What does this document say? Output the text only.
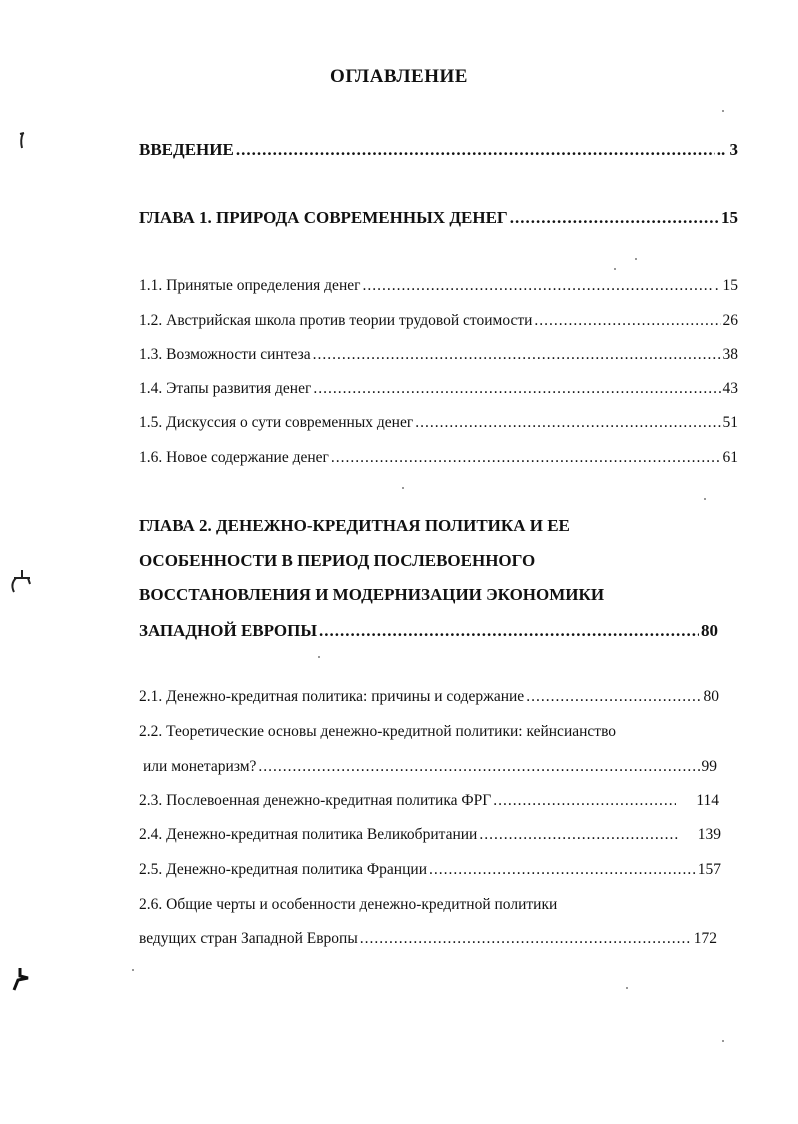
ОГЛАВЛЕНИЕ
ВВЕДЕНИЕ .....	.. 3
ГЛАВА 1. ПРИРОДА СОВРЕМЕННЫХ ДЕНЕГ .....	15
1.1. Принятые определения денег .....	. 15
1.2. Австрийская школа против теории трудовой стоимости .....	26
1.3. Возможности синтеза .....	38
1.4. Этапы развития денег .....	43
1.5. Дискуссия о сути современных денег .....	51
1.6. Новое содержание денег .....	61
ГЛАВА 2. ДЕНЕЖНО-КРЕДИТНАЯ ПОЛИТИКА И ЕЕ
ОСОБЕННОСТИ В ПЕРИОД ПОСЛЕВОЕННОГО
ВОССТАНОВЛЕНИЯ И МОДЕРНИЗАЦИИ ЭКОНОМИКИ
ЗАПАДНОЙ ЕВРОПЫ .....	80
2.1. Денежно-кредитная политика: причины и содержание .....	80
2.2. Теоретические основы денежно-кредитной политики: кейнсианство
или монетаризм? .....	99
2.3. Послевоенная денежно-кредитная политика ФРГ .....	114
2.4. Денежно-кредитная политика Великобритании .....	139
2.5. Денежно-кредитная политика Франции .....	157
2.6. Общие черты и особенности денежно-кредитной политики
ведущих стран Западной Европы .....	172
